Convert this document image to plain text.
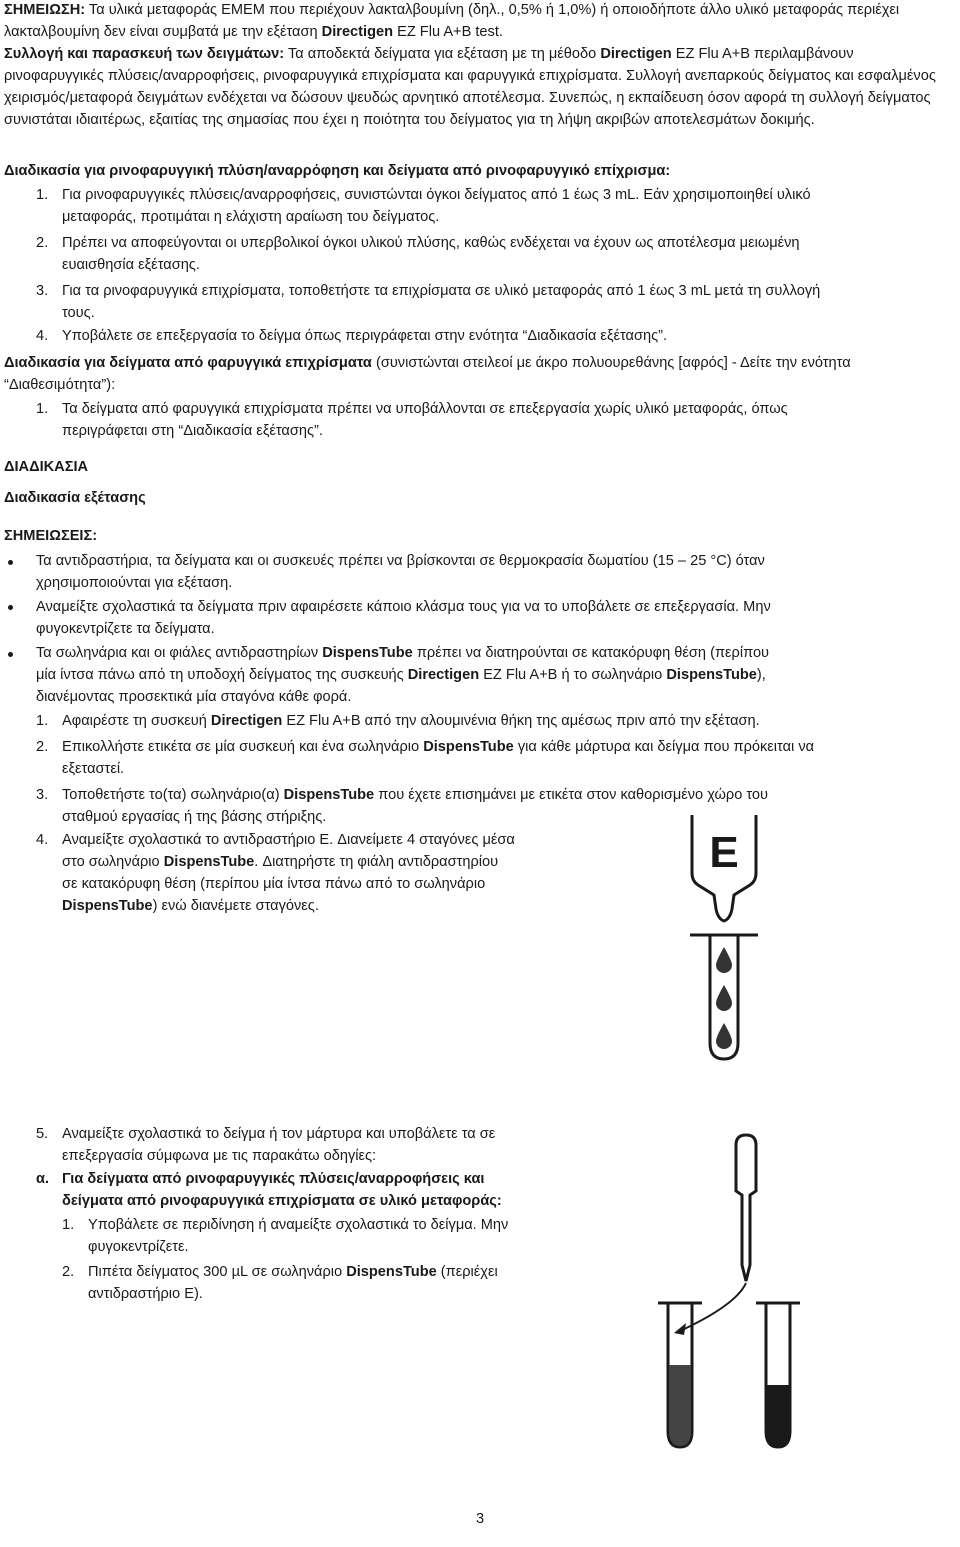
ΣΗΜΕΙΩΣΗ: Τα υλικά μεταφοράς EMEM που περιέχουν λακταλβουμίνη (δηλ., 0,5% ή 1,0%) ή οποιοδήποτε άλλο υλικό μεταφοράς περιέχει λακταλβουμίνη δεν είναι συμβατά με την εξέταση Directigen EZ Flu A+B test.
Συλλογή και παρασκευή των δειγμάτων: Τα αποδεκτά δείγματα για εξέταση με τη μέθοδο Directigen EZ Flu A+B περιλαμβάνουν ρινοφαρυγγικές πλύσεις/αναρροφήσεις, ρινοφαρυγγικά επιχρίσματα και φαρυγγικά επιχρίσματα. Συλλογή ανεπαρκούς δείγματος και εσφαλμένος χειρισμός/μεταφορά δειγμάτων ενδέχεται να δώσουν ψευδώς αρνητικό αποτέλεσμα. Συνεπώς, η εκπαίδευση όσον αφορά τη συλλογή δείγματος συνιστάται ιδιαιτέρως, εξαιτίας της σημασίας που έχει η ποιότητα του δείγματος για τη λήψη ακριβών αποτελεσμάτων δοκιμής.
Διαδικασία για ρινοφαρυγγική πλύση/αναρρόφηση και δείγματα από ρινοφαρυγγικό επίχρισμα:
1. Για ρινοφαρυγγικές πλύσεις/αναρροφήσεις, συνιστώνται όγκοι δείγματος από 1 έως 3 mL. Εάν χρησιμοποιηθεί υλικό
μεταφοράς, προτιμάται η ελάχιστη αραίωση του δείγματος.
2. Πρέπει να αποφεύγονται οι υπερβολικοί όγκοι υλικού πλύσης, καθώς ενδέχεται να έχουν ως αποτέλεσμα μειωμένη
ευαισθησία εξέτασης.
3. Για τα ρινοφαρυγγικά επιχρίσματα, τοποθετήστε τα επιχρίσματα σε υλικό μεταφοράς από 1 έως 3 mL μετά τη συλλογή
τους.
4. Υποβάλετε σε επεξεργασία το δείγμα όπως περιγράφεται στην ενότητα “Διαδικασία εξέτασης”.
Διαδικασία για δείγματα από φαρυγγικά επιχρίσματα (συνιστώνται στειλεοί με άκρο πολυουρεθάνης [αφρός] - Δείτε την ενότητα “Διαθεσιμότητα”):
1. Τα δείγματα από φαρυγγικά επιχρίσματα πρέπει να υποβάλλονται σε επεξεργασία χωρίς υλικό μεταφοράς, όπως
περιγράφεται στη “Διαδικασία εξέτασης”.
ΔΙΑΔΙΚΑΣΙΑ
Διαδικασία εξέτασης
ΣΗΜΕΙΩΣΕΙΣ:
Τα αντιδραστήρια, τα δείγματα και οι συσκευές πρέπει να βρίσκονται σε θερμοκρασία δωματίου (15 – 25 °C) όταν
χρησιμοποιούνται για εξέταση.
Αναμείξτε σχολαστικά τα δείγματα πριν αφαιρέσετε κάποιο κλάσμα τους για να το υποβάλετε σε επεξεργασία. Μην
φυγοκεντρίζετε τα δείγματα.
Τα σωληνάρια και οι φιάλες αντιδραστηρίων DispensTube πρέπει να διατηρούνται σε κατακόρυφη θέση (περίπου
μία ίντσα πάνω από τη υποδοχή δείγματος της συσκευής Directigen EZ Flu A+B ή το σωληνάριο DispensTube),
διανέμοντας προσεκτικά μία σταγόνα κάθε φορά.
1. Αφαιρέστε τη συσκευή Directigen EZ Flu A+B από την αλουμινένια θήκη της αμέσως πριν από την εξέταση.
2. Επικολλήστε ετικέτα σε μία συσκευή και ένα σωληνάριο DispensTube για κάθε μάρτυρα και δείγμα που πρόκειται να
εξεταστεί.
3. Τοποθετήστε το(τα) σωληνάριο(α) DispensTube που έχετε επισημάνει με ετικέτα στον καθορισμένο χώρο του
σταθμού εργασίας ή της βάσης στήριξης.
4. Αναμείξτε σχολαστικά το αντιδραστήριο E. Διανείμετε 4 σταγόνες μέσα
στο σωληνάριο DispensTube. Διατηρήστε τη φιάλη αντιδραστηρίου
σε κατακόρυφη θέση (περίπου μία ίντσα πάνω από το σωληνάριο
DispensTube) ενώ διανέμετε σταγόνες.
E
5. Αναμείξτε σχολαστικά το δείγμα ή τον μάρτυρα και υποβάλετε τα σε
επεξεργασία σύμφωνα με τις παρακάτω οδηγίες:
α. Για δείγματα από ρινοφαρυγγικές πλύσεις/αναρροφήσεις και
δείγματα από ρινοφαρυγγικά επιχρίσματα σε υλικό μεταφοράς:
1. Υποβάλετε σε περιδίνηση ή αναμείξτε σχολαστικά το δείγμα. Μην
φυγοκεντρίζετε.
2. Πιπέτα δείγματος 300 µL σε σωληνάριο DispensTube (περιέχει
αντιδραστήριο E).
3
